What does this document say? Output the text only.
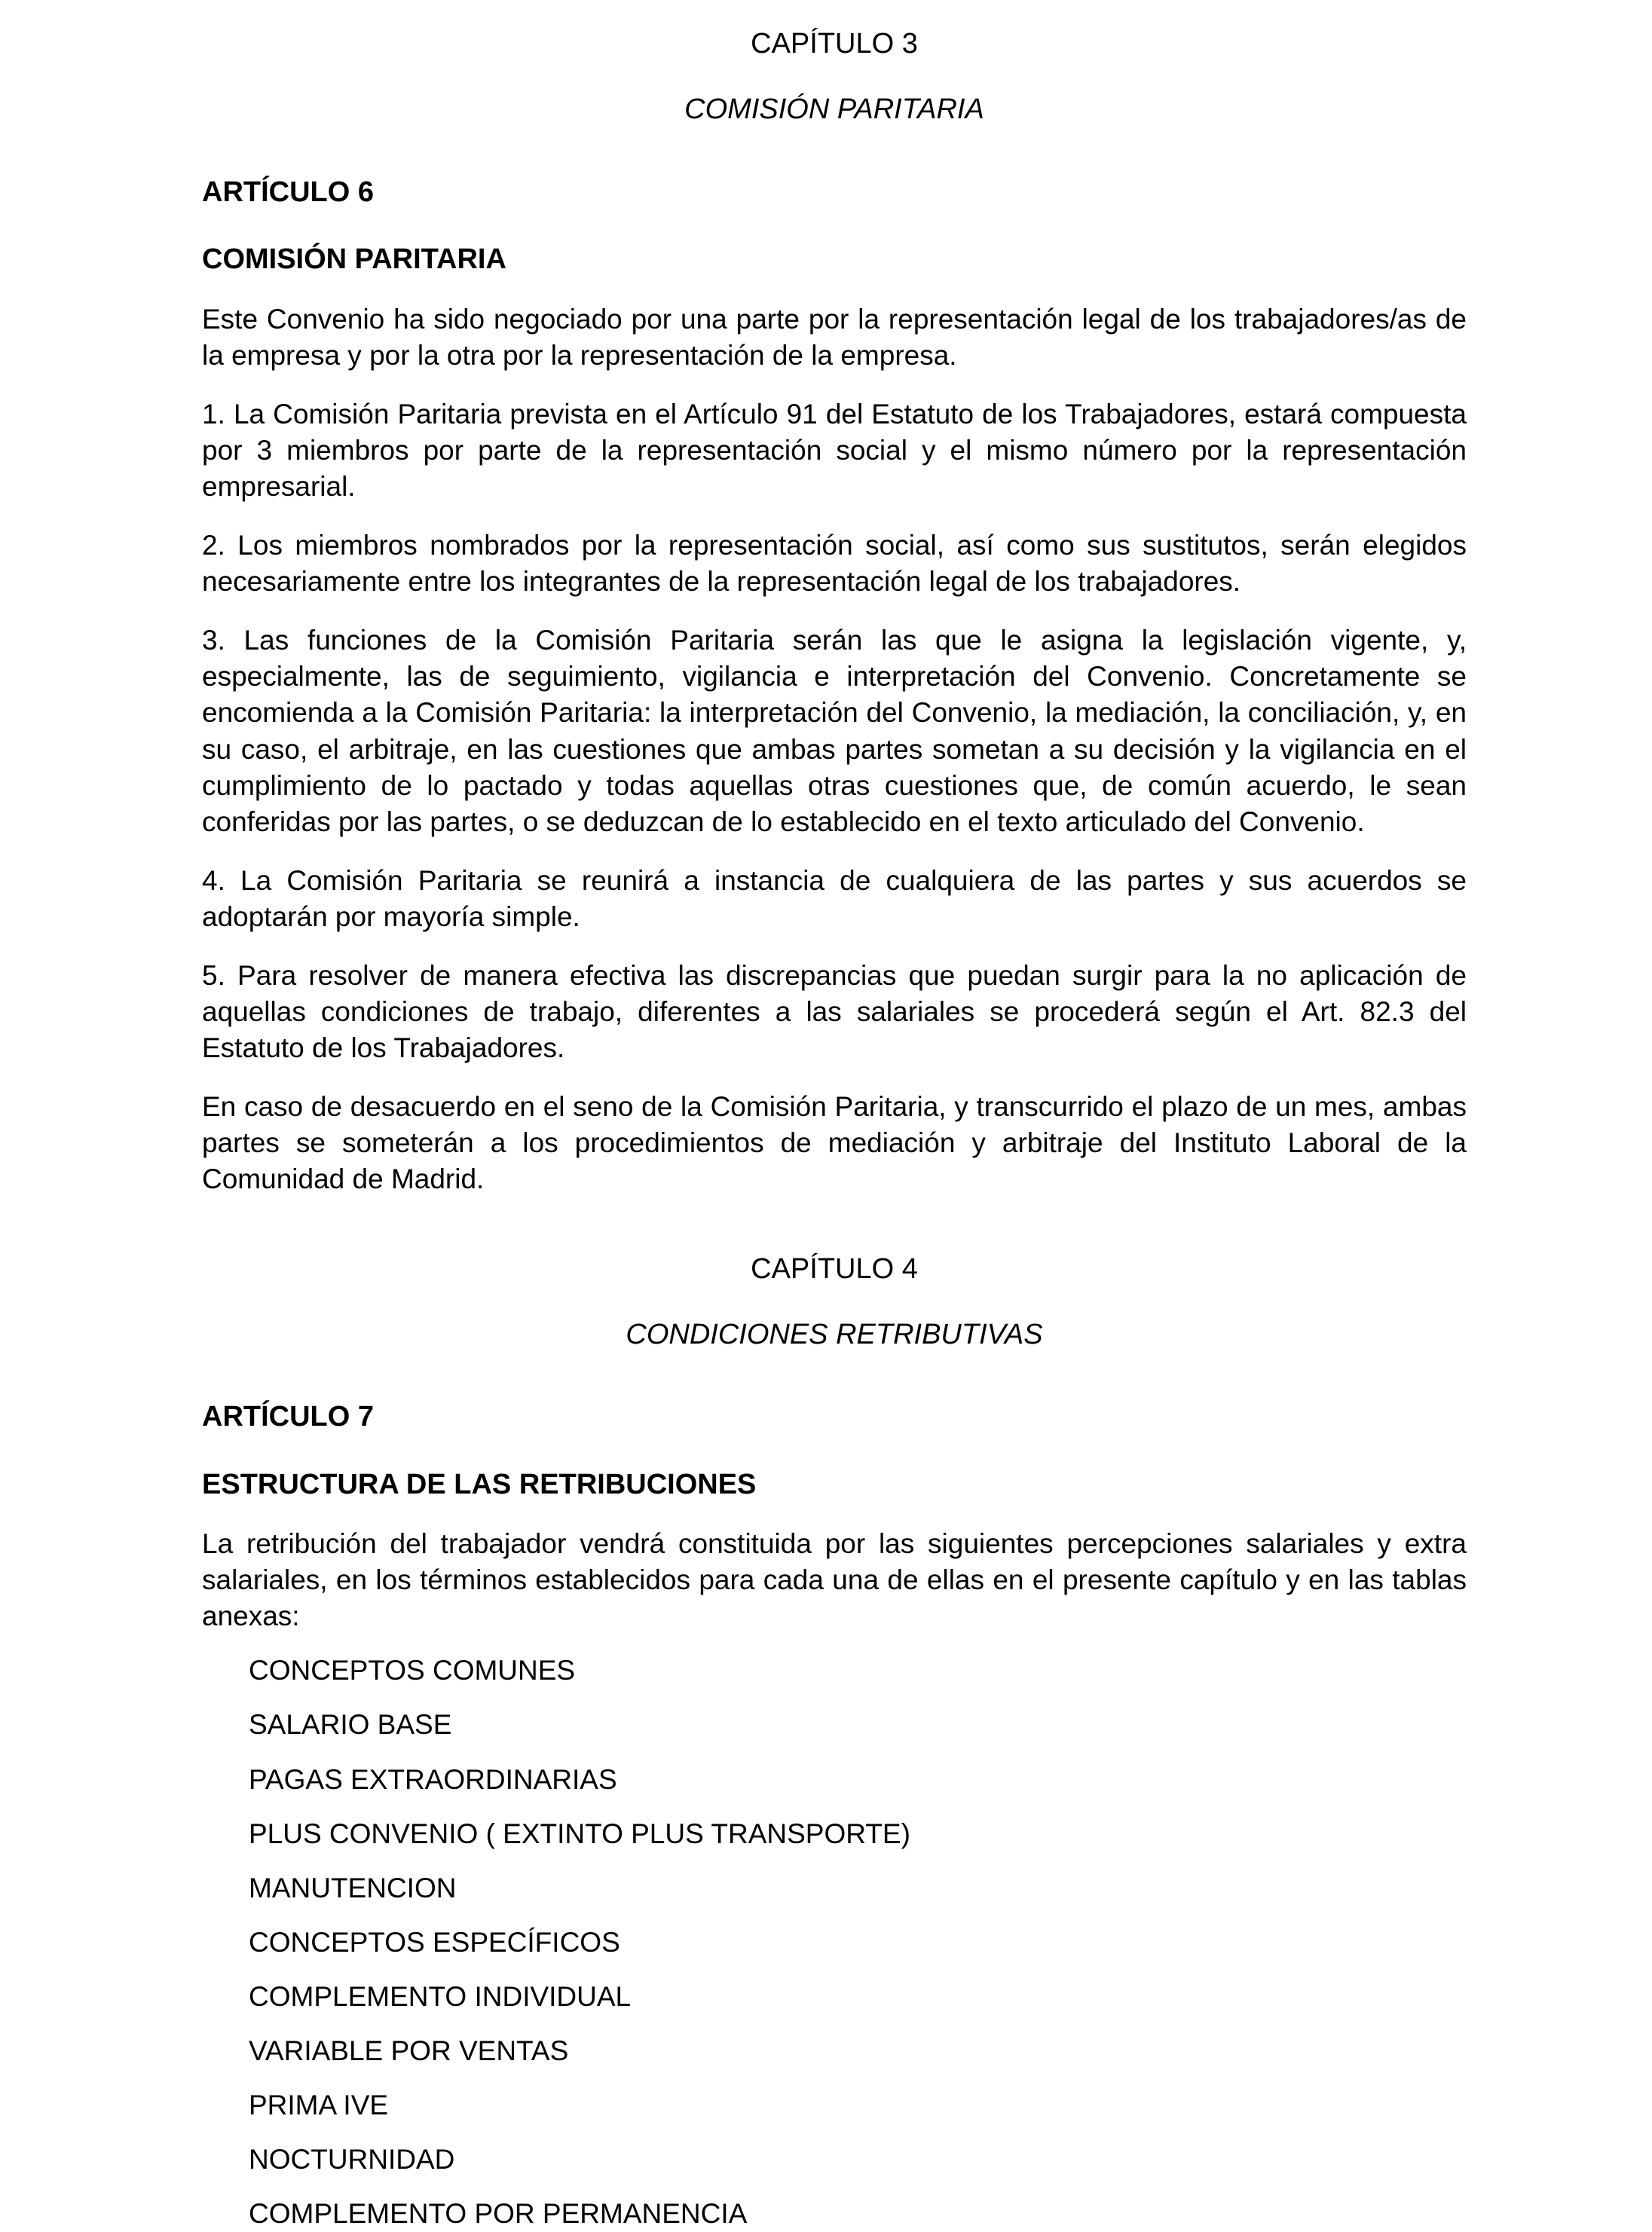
CAPÍTULO 3
COMISIÓN PARITARIA
ARTÍCULO 6
COMISIÓN PARITARIA

Este Convenio ha sido negociado por una parte por la representación legal de los trabajadores/as de la empresa y por la otra por la representación de la empresa.

1. La Comisión Paritaria prevista en el Artículo 91 del Estatuto de los Trabajadores, estará compuesta por 3 miembros por parte de la representación social y el mismo número por la representación empresarial.

2. Los miembros nombrados por la representación social, así como sus sustitutos, serán elegidos necesariamente entre los integrantes de la representación legal de los trabajadores.

3. Las funciones de la Comisión Paritaria serán las que le asigna la legislación vigente, y, especialmente, las de seguimiento, vigilancia e interpretación del Convenio. Concretamente se encomienda a la Comisión Paritaria: la interpretación del Convenio, la mediación, la conciliación, y, en su caso, el arbitraje, en las cuestiones que ambas partes sometan a su decisión y la vigilancia en el cumplimiento de lo pactado y todas aquellas otras cuestiones que, de común acuerdo, le sean conferidas por las partes, o se deduzcan de lo establecido en el texto articulado del Convenio.

4. La Comisión Paritaria se reunirá a instancia de cualquiera de las partes y sus acuerdos se adoptarán por mayoría simple.

5. Para resolver de manera efectiva las discrepancias que puedan surgir para la no aplicación de aquellas condiciones de trabajo, diferentes a las salariales se procederá según el Art. 82.3 del Estatuto de los Trabajadores.

En caso de desacuerdo en el seno de la Comisión Paritaria, y transcurrido el plazo de un mes, ambas partes se someterán a los procedimientos de mediación y arbitraje del Instituto Laboral de la Comunidad de Madrid.

CAPÍTULO 4
CONDICIONES RETRIBUTIVAS
ARTÍCULO 7
ESTRUCTURA DE LAS RETRIBUCIONES

La retribución del trabajador vendrá constituida por las siguientes percepciones salariales y extra salariales, en los términos establecidos para cada una de ellas en el presente capítulo y en las tablas anexas:

CONCEPTOS COMUNES
SALARIO BASE
PAGAS EXTRAORDINARIAS
PLUS CONVENIO ( EXTINTO PLUS TRANSPORTE)
MANUTENCION
CONCEPTOS ESPECÍFICOS
COMPLEMENTO INDIVIDUAL
VARIABLE POR VENTAS
PRIMA IVE
NOCTURNIDAD
COMPLEMENTO POR PERMANENCIA
